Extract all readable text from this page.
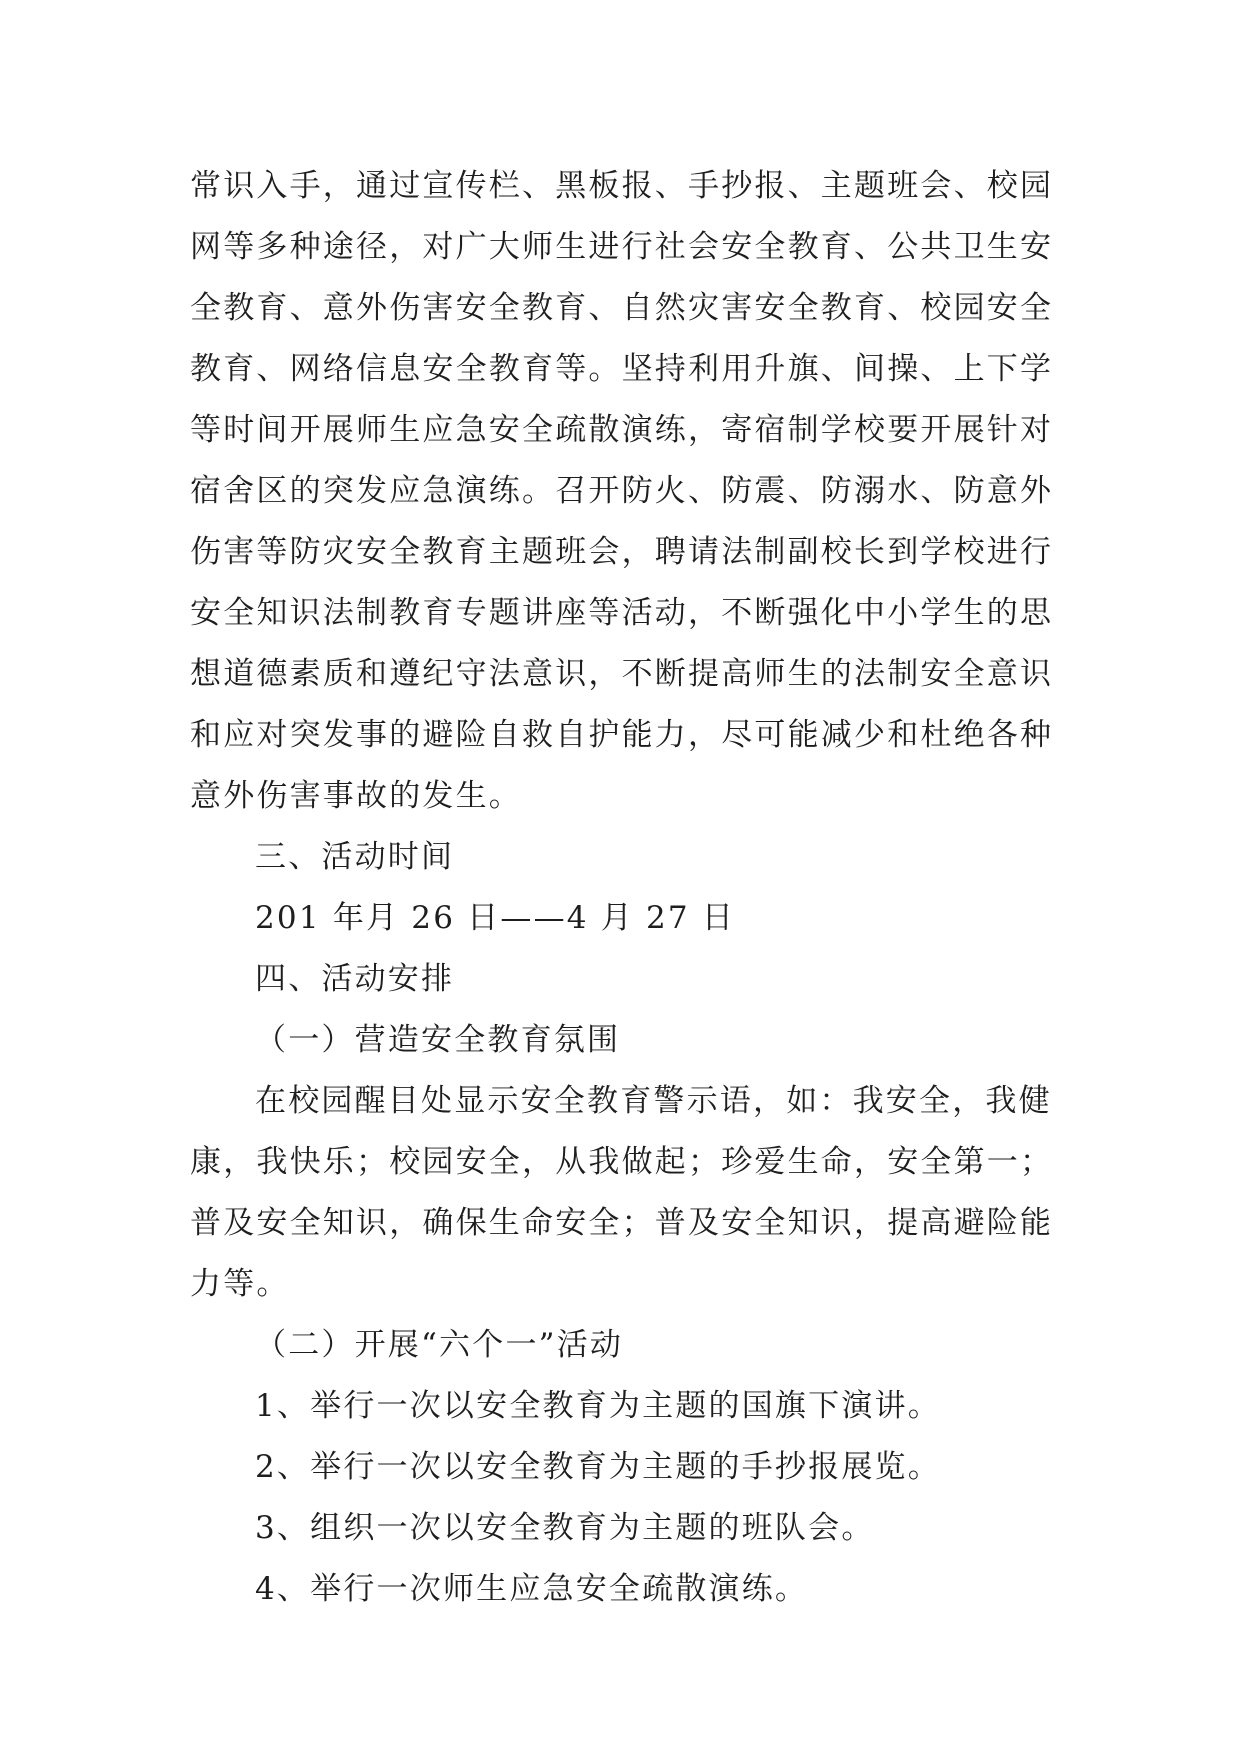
常识入手，通过宣传栏、黑板报、手抄报、主题班会、校园
网等多种途径，对广大师生进行社会安全教育、公共卫生安
全教育、意外伤害安全教育、自然灾害安全教育、校园安全
教育、网络信息安全教育等。坚持利用升旗、间操、上下学
等时间开展师生应急安全疏散演练，寄宿制学校要开展针对
宿舍区的突发应急演练。召开防火、防震、防溺水、防意外
伤害等防灾安全教育主题班会，聘请法制副校长到学校进行
安全知识法制教育专题讲座等活动，不断强化中小学生的思
想道德素质和遵纪守法意识，不断提高师生的法制安全意识
和应对突发事的避险自救自护能力，尽可能减少和杜绝各种
意外伤害事故的发生。
三、活动时间
201 年月 26 日——4 月 27 日
四、活动安排
（一）营造安全教育氛围
在校园醒目处显示安全教育警示语，如：我安全，我健
康，我快乐；校园安全，从我做起；珍爱生命，安全第一；
普及安全知识，确保生命安全；普及安全知识，提高避险能
力等。
（二）开展“六个一”活动
1、举行一次以安全教育为主题的国旗下演讲。
2、举行一次以安全教育为主题的手抄报展览。
3、组织一次以安全教育为主题的班队会。
4、举行一次师生应急安全疏散演练。
